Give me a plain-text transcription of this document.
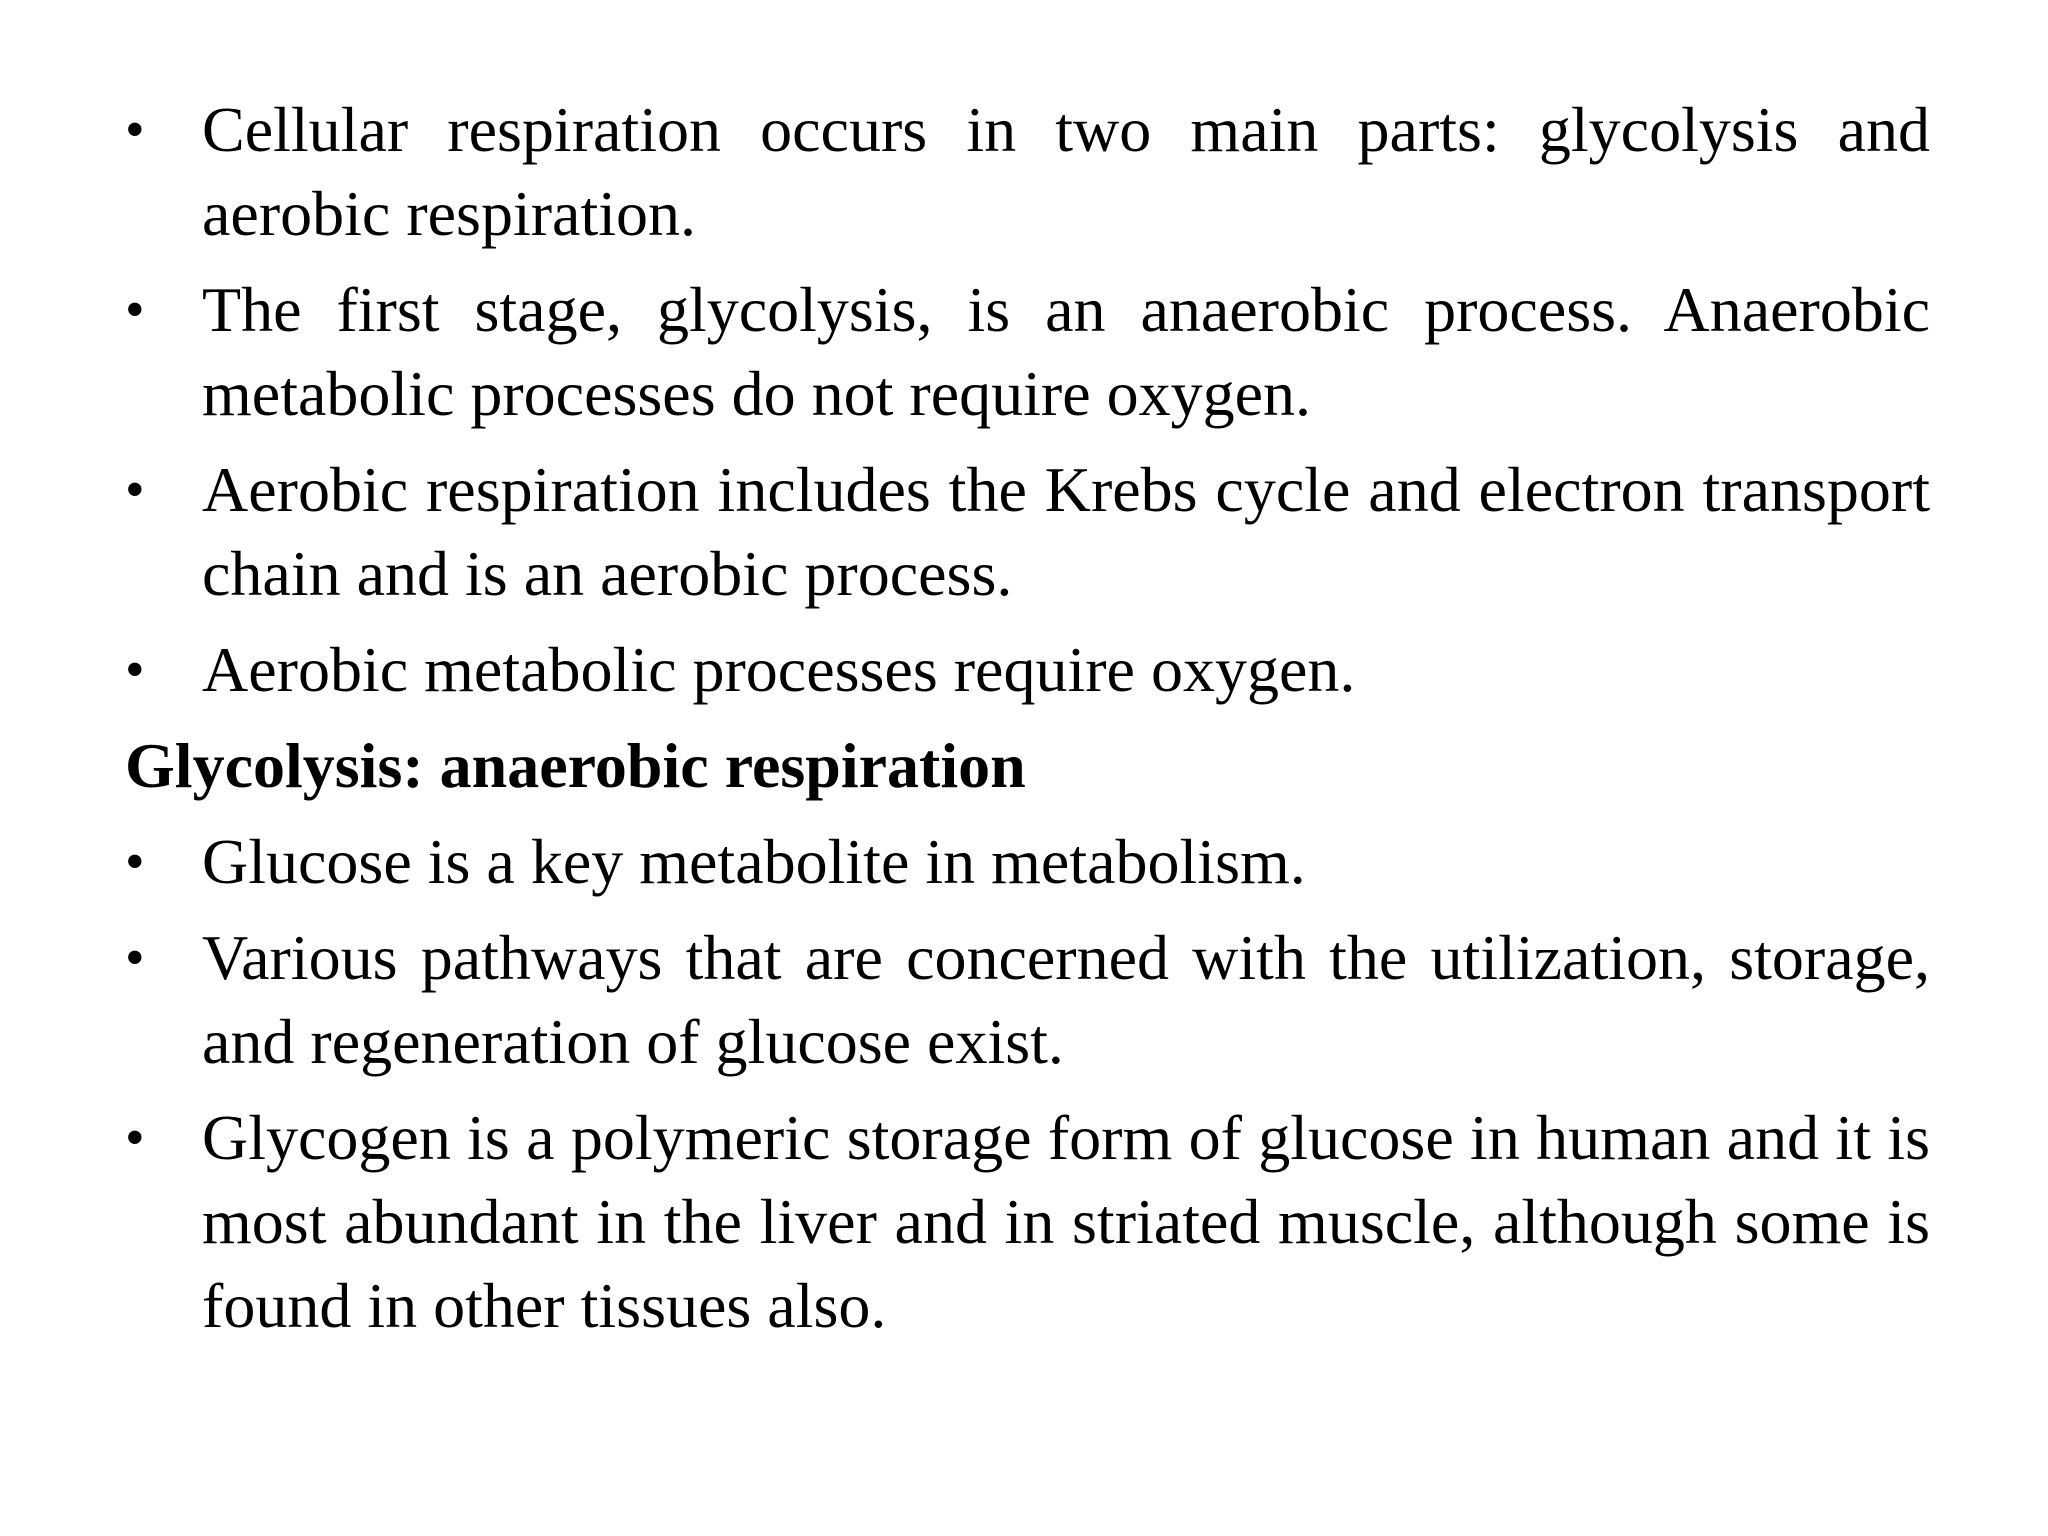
• Cellular respiration occurs in two main parts: glycolysis and aerobic respiration.
• The first stage, glycolysis, is an anaerobic process. Anaerobic metabolic processes do not require oxygen.
• Aerobic respiration includes the Krebs cycle and electron transport chain and is an aerobic process.
• Aerobic metabolic processes require oxygen.
Glycolysis: anaerobic respiration
• Glucose is a key metabolite in metabolism.
• Various pathways that are concerned with the utilization, storage, and regeneration of glucose exist.
• Glycogen is a polymeric storage form of glucose in human and it is most abundant in the liver and in striated muscle, although some is found in other tissues also.
